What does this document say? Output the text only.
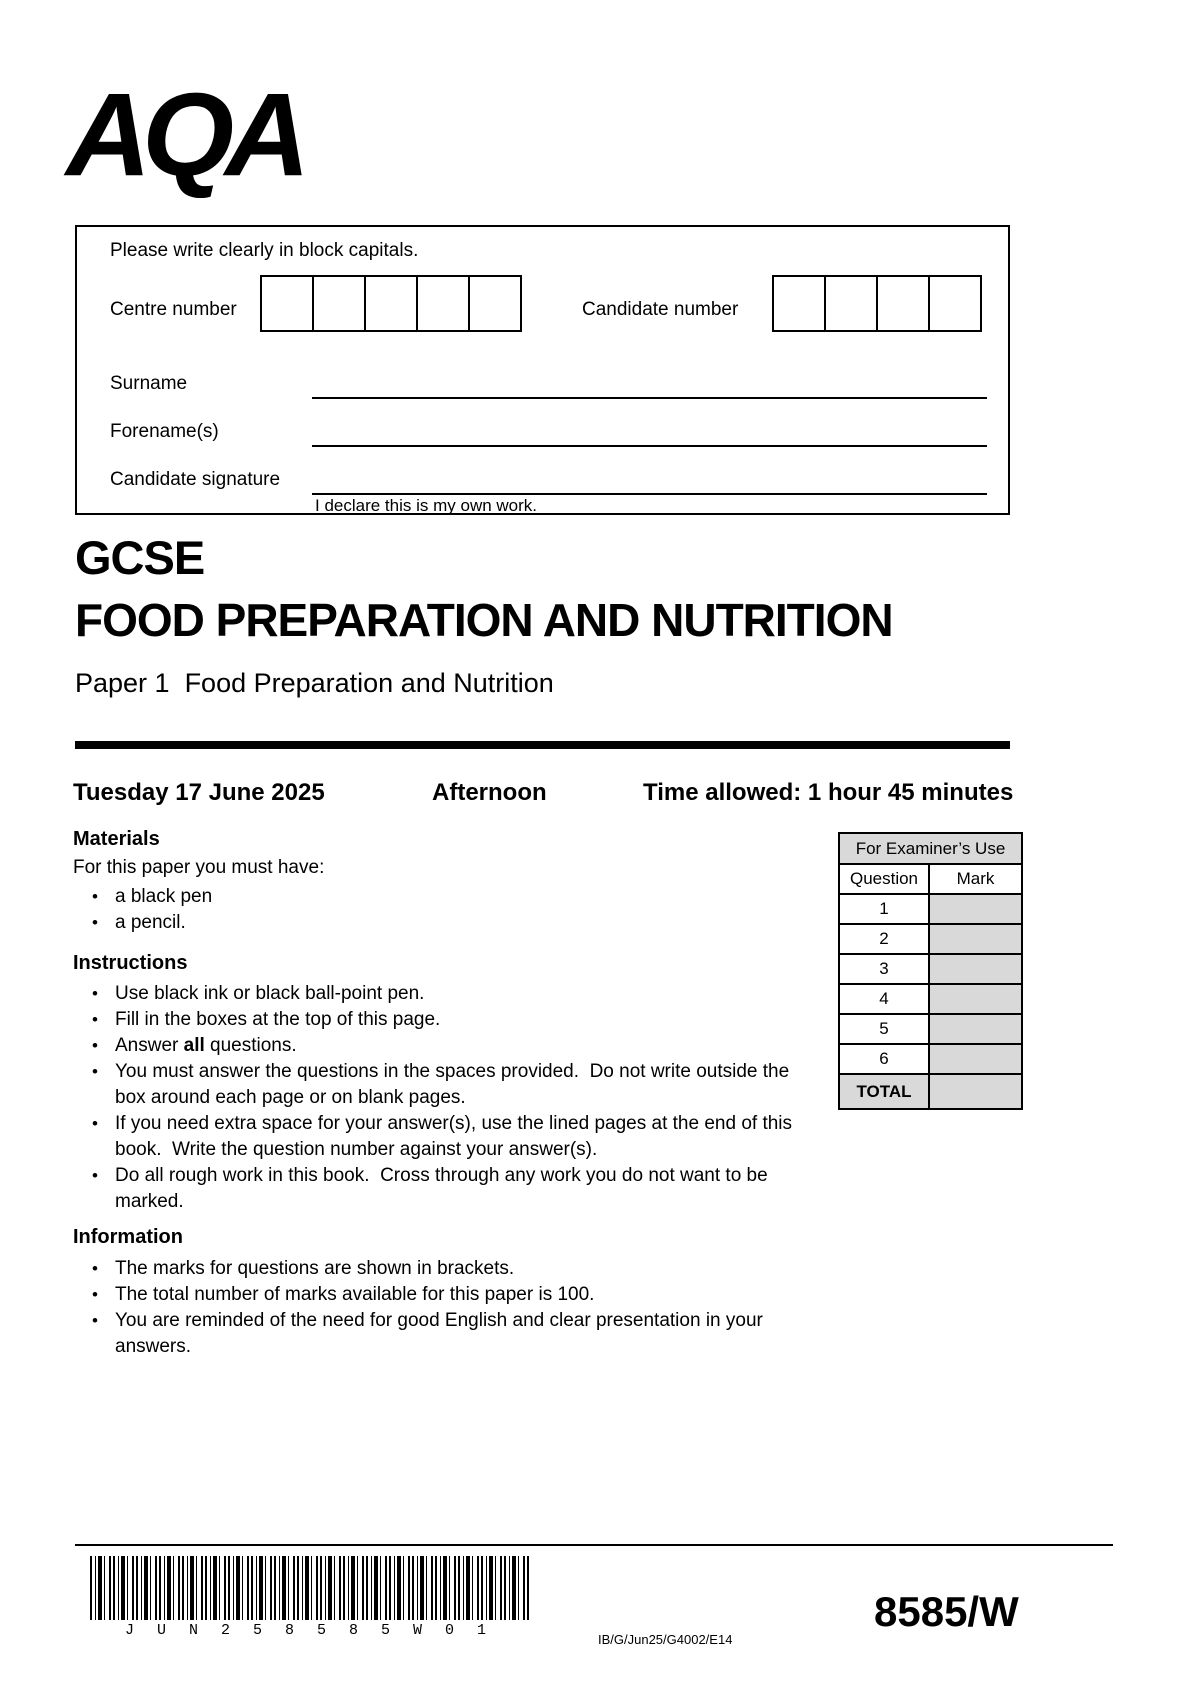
AQA
Please write clearly in block capitals.
Centre number	Candidate number
Surname
Forename(s)
Candidate signature
I declare this is my own work.
GCSE
FOOD PREPARATION AND NUTRITION
Paper 1  Food Preparation and Nutrition
Tuesday 17 June 2025	Afternoon	Time allowed: 1 hour 45 minutes
Materials
For this paper you must have:
• a black pen
• a pencil.
Instructions
• Use black ink or black ball-point pen.
• Fill in the boxes at the top of this page.
• Answer all questions.
• You must answer the questions in the spaces provided.  Do not write outside the box around each page or on blank pages.
• If you need extra space for your answer(s), use the lined pages at the end of this book.  Write the question number against your answer(s).
• Do all rough work in this book.  Cross through any work you do not want to be marked.
Information
• The marks for questions are shown in brackets.
• The total number of marks available for this paper is 100.
• You are reminded of the need for good English and clear presentation in your answers.
For Examiner’s Use	
Question	Mark
1	
2	
3	
4	
5	
6	
TOTAL	
JUN258585W01
IB/G/Jun25/G4002/E14
8585/W
